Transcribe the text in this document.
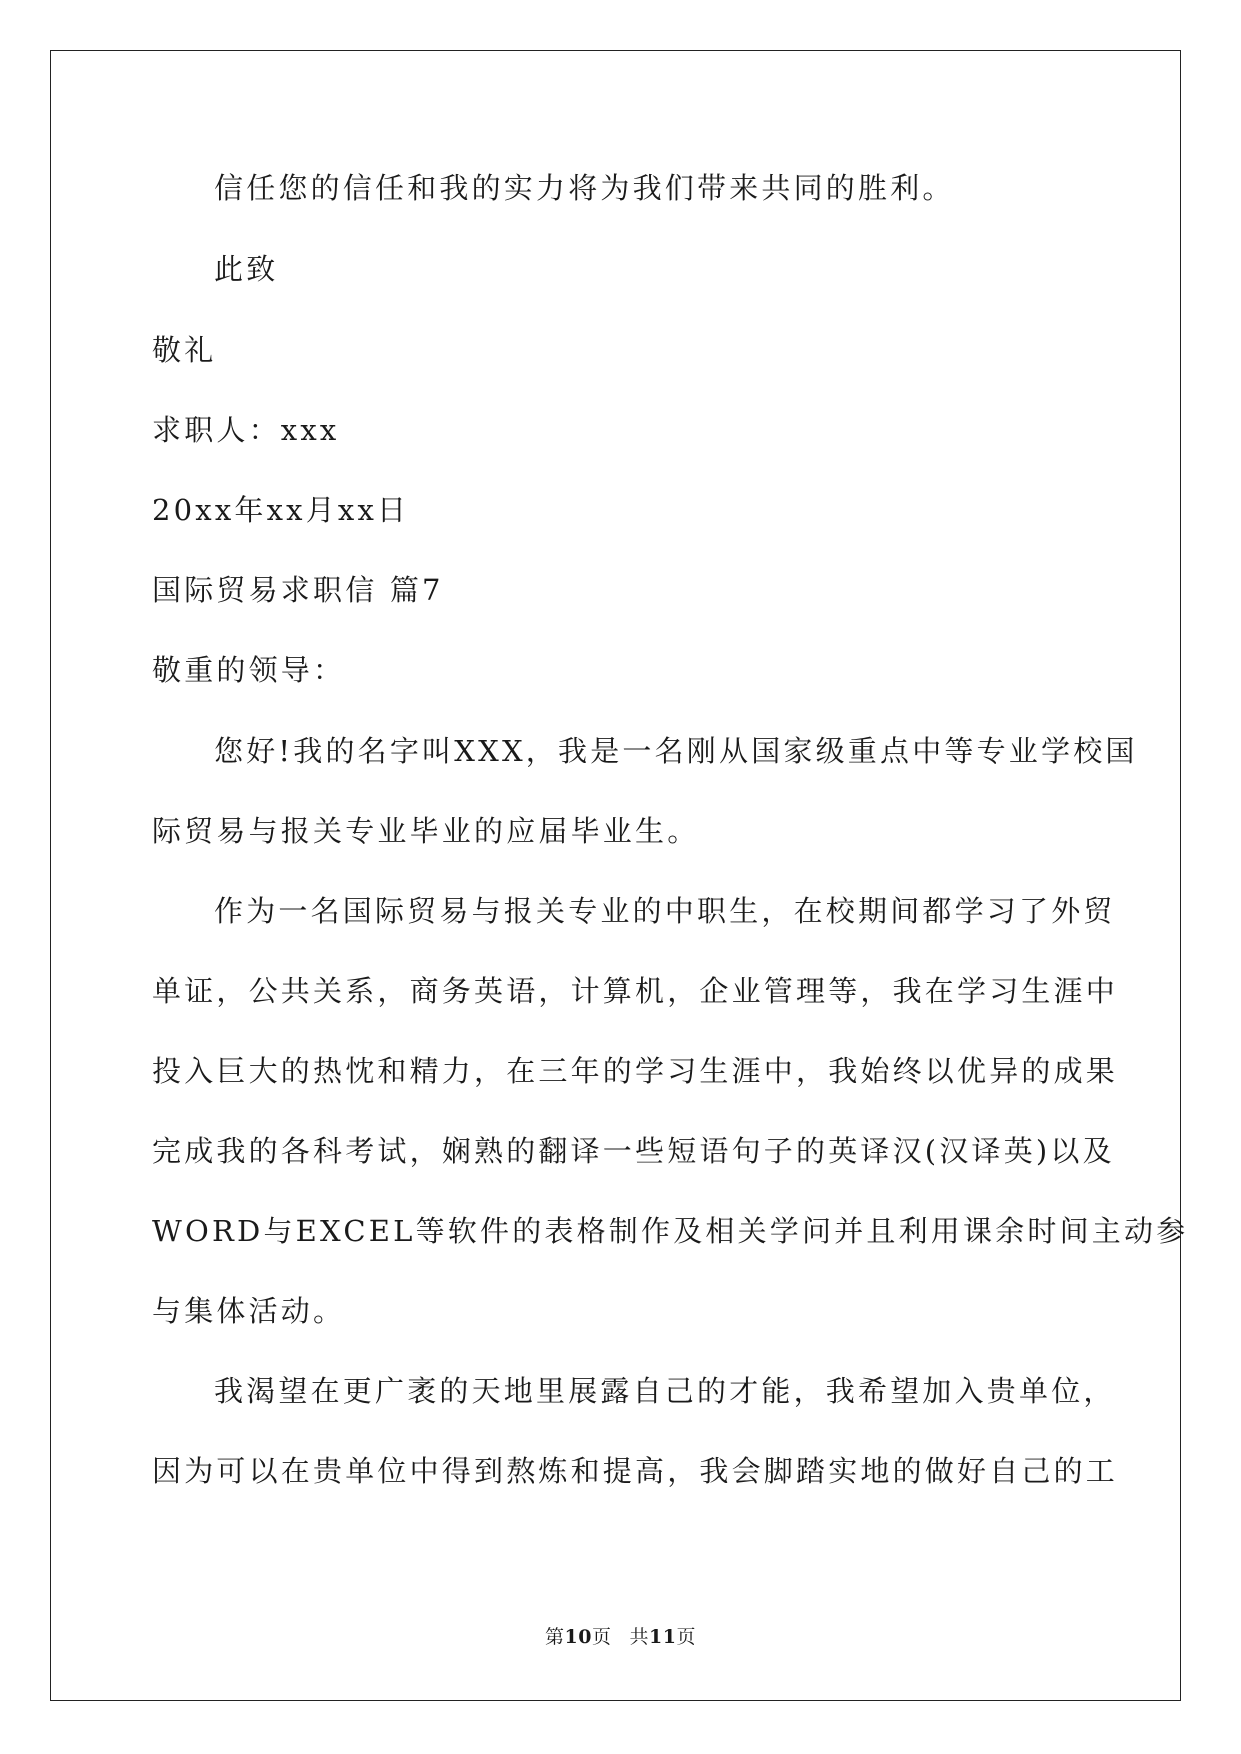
信任您的信任和我的实力将为我们带来共同的胜利。
此致
敬礼
求职人：xxx
20xx年xx月xx日
国际贸易求职信 篇7
敬重的领导：
您好!我的名字叫XXX，我是一名刚从国家级重点中等专业学校国
际贸易与报关专业毕业的应届毕业生。
作为一名国际贸易与报关专业的中职生，在校期间都学习了外贸
单证，公共关系，商务英语，计算机，企业管理等，我在学习生涯中
投入巨大的热忱和精力，在三年的学习生涯中，我始终以优异的成果
完成我的各科考试，娴熟的翻译一些短语句子的英译汉(汉译英)以及
WORD与EXCEL等软件的表格制作及相关学问并且利用课余时间主动参
与集体活动。
我渴望在更广袤的天地里展露自己的才能，我希望加入贵单位，
因为可以在贵单位中得到熬炼和提高，我会脚踏实地的做好自己的工
第10页 共11页
